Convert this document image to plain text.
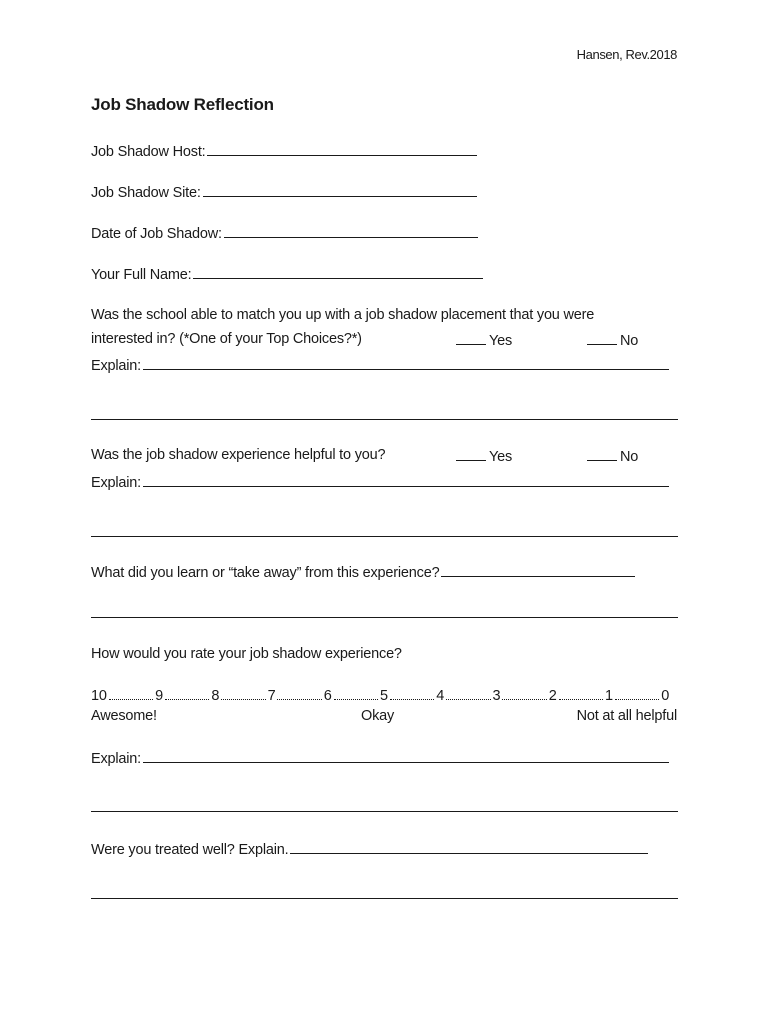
Hansen, Rev.2018
Job Shadow Reflection
Job Shadow Host:
Job Shadow Site:
Date of Job Shadow:
Your Full Name:
Was the school able to match you up with a job shadow placement that you were
interested in? (*One of your Top Choices?*)	Yes	No
Explain:
Was the job shadow experience helpful to you?	Yes	No
Explain:
What did you learn or “take away” from this experience?
How would you rate your job shadow experience?
10	9	8	7	6	5	4	3	2	1	0
Awesome!	Okay	Not at all helpful
Explain:
Were you treated well? Explain.
